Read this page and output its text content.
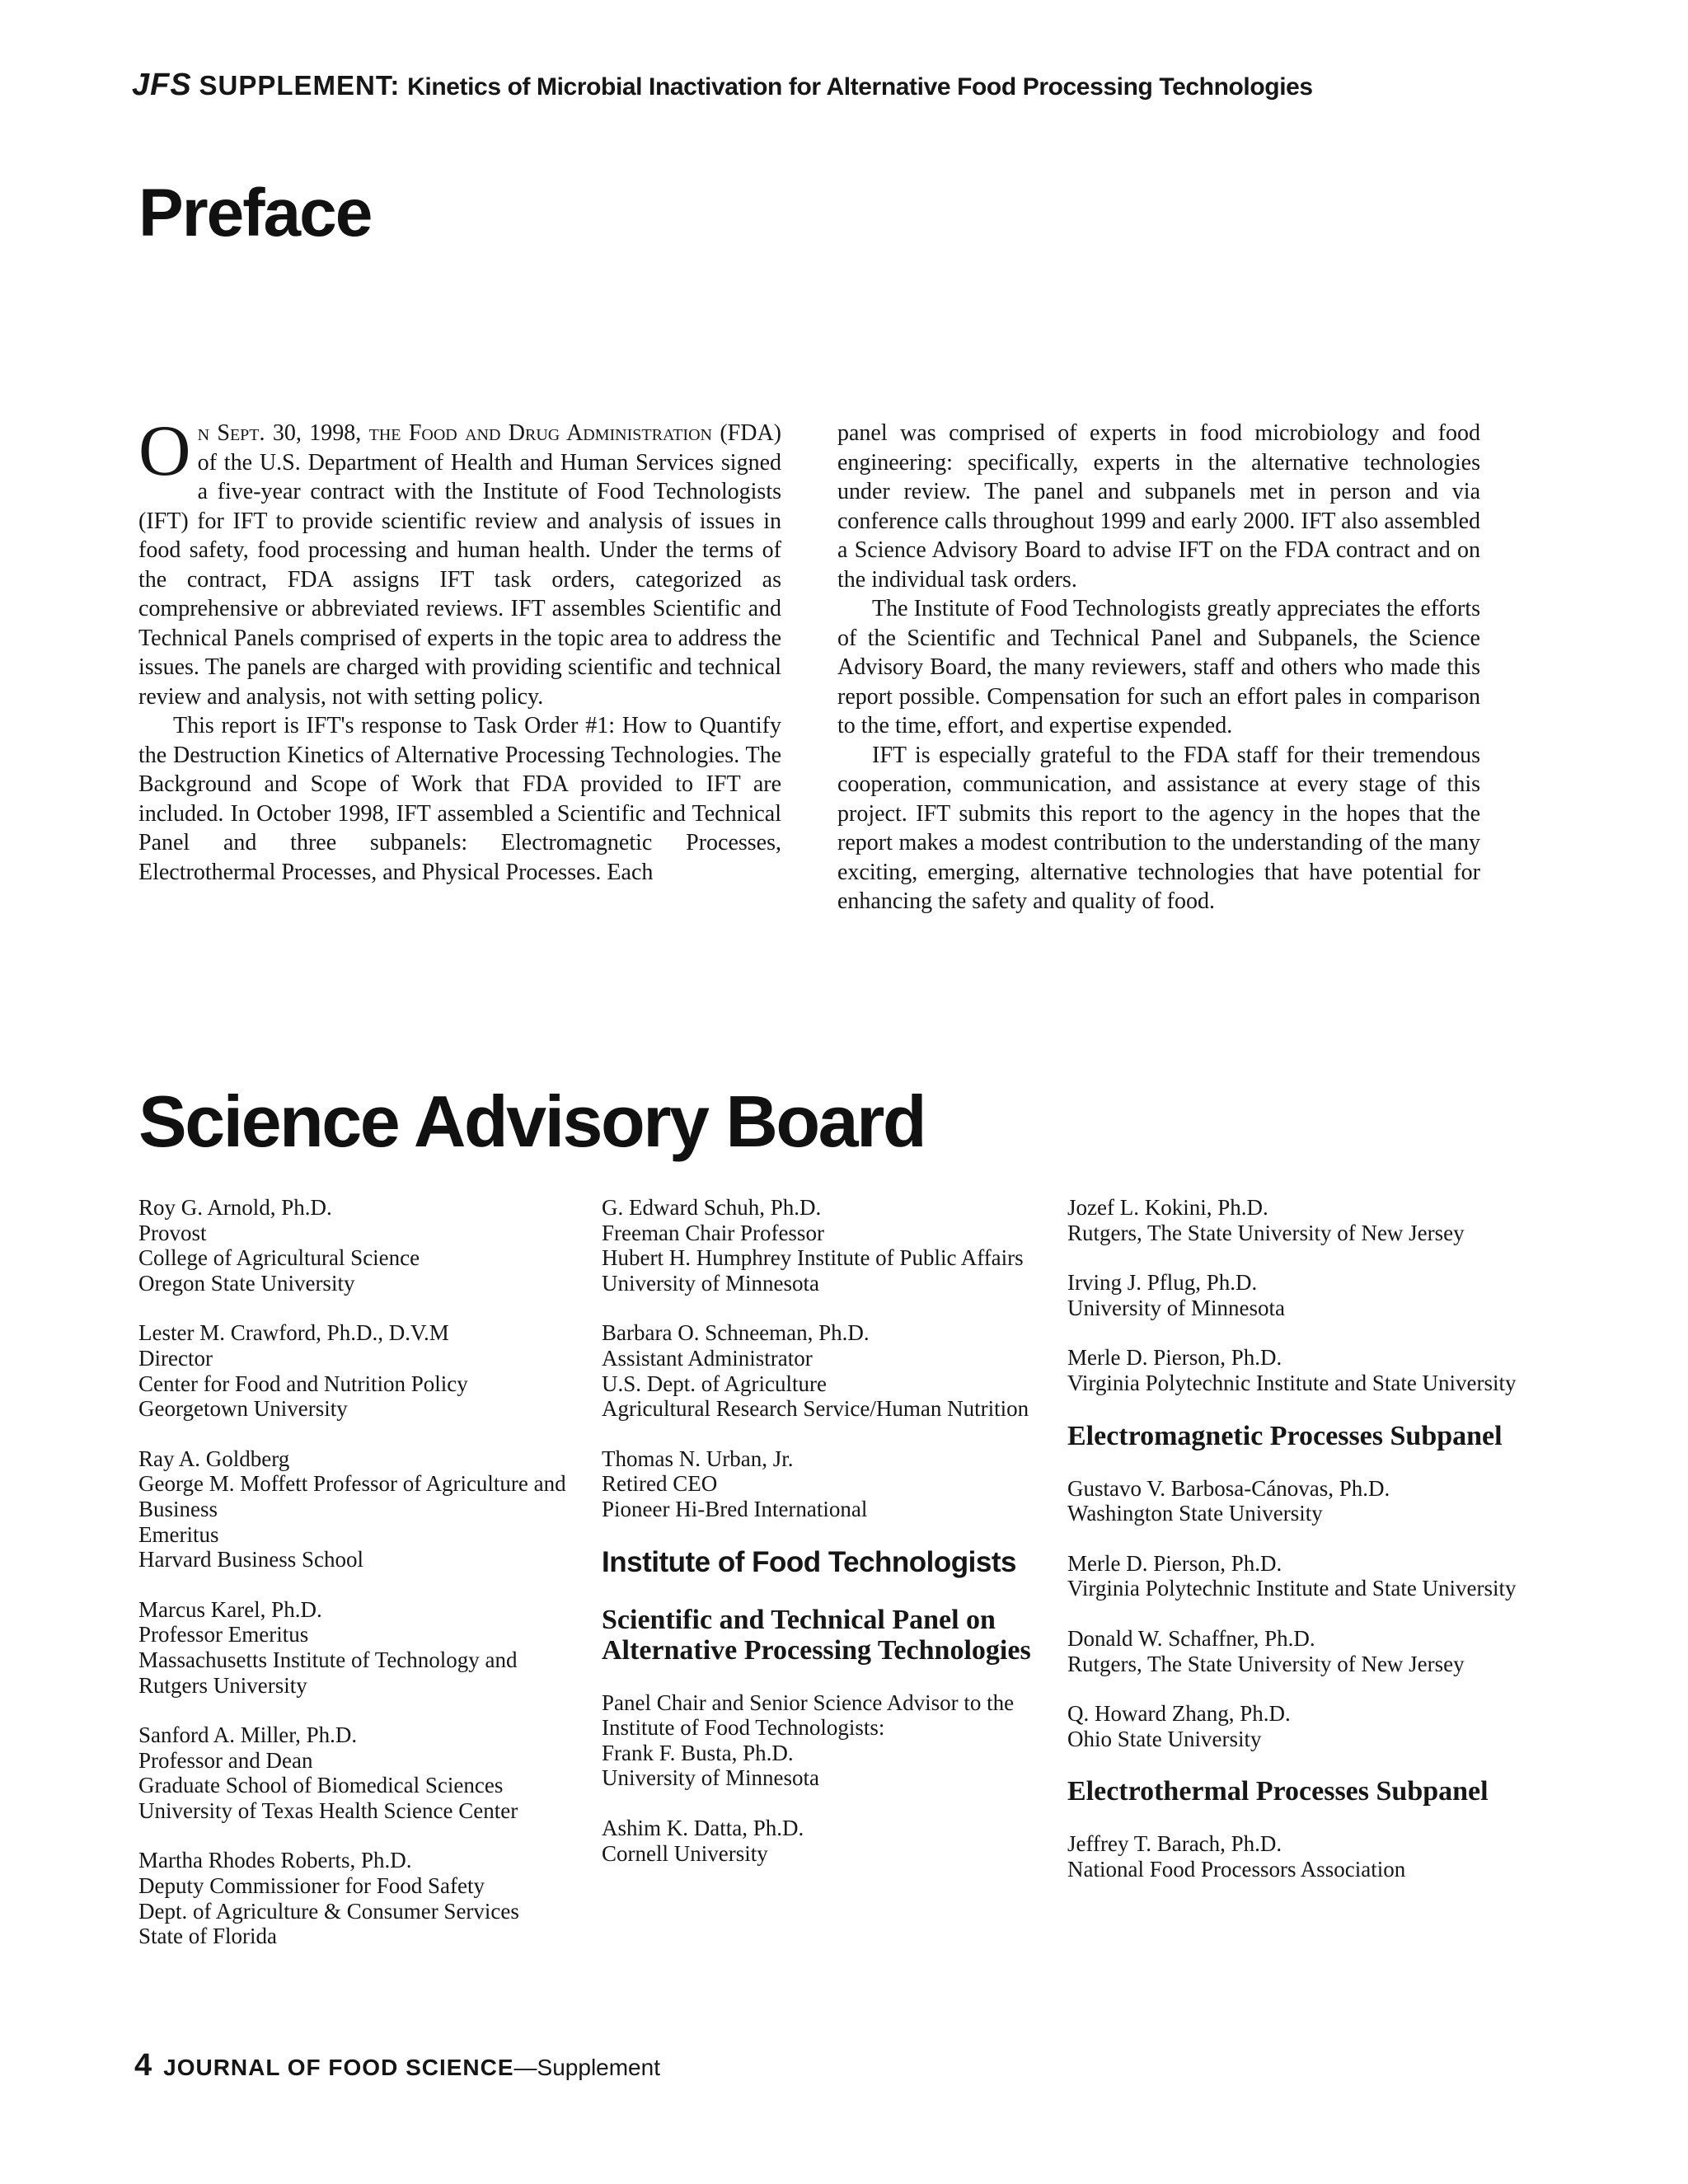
JFS SUPPLEMENT: Kinetics of Microbial Inactivation for Alternative Food Processing Technologies
Preface

O n Sept. 30, 1998, the Food and Drug Administration (FDA) of the U.S. Department of Health and Human Services signed a five-year contract with the Institute of Food Technologists (IFT) for IFT to provide scientific review and analysis of issues in food safety, food processing and human health. Under the terms of the contract, FDA assigns IFT task orders, categorized as comprehensive or abbreviated reviews. IFT assembles Scientific and Technical Panels comprised of experts in the topic area to address the issues. The panels are charged with providing scientific and technical review and analysis, not with setting policy.

This report is IFT's response to Task Order #1: How to Quantify the Destruction Kinetics of Alternative Processing Technologies. The Background and Scope of Work that FDA provided to IFT are included. In October 1998, IFT assembled a Scientific and Technical Panel and three subpanels: Electromagnetic Processes, Electrothermal Processes, and Physical Processes. Each

panel was comprised of experts in food microbiology and food engineering: specifically, experts in the alternative technologies under review. The panel and subpanels met in person and via conference calls throughout 1999 and early 2000. IFT also assembled a Science Advisory Board to advise IFT on the FDA contract and on the individual task orders.

The Institute of Food Technologists greatly appreciates the efforts of the Scientific and Technical Panel and Subpanels, the Science Advisory Board, the many reviewers, staff and others who made this report possible. Compensation for such an effort pales in comparison to the time, effort, and expertise expended.

IFT is especially grateful to the FDA staff for their tremendous cooperation, communication, and assistance at every stage of this project. IFT submits this report to the agency in the hopes that the report makes a modest contribution to the understanding of the many exciting, emerging, alternative technologies that have potential for enhancing the safety and quality of food.

Science Advisory Board
Roy G. Arnold, Ph.D.
Provost
College of Agricultural Science
Oregon State University
Lester M. Crawford, Ph.D., D.V.M
Director
Center for Food and Nutrition Policy
Georgetown University
Ray A. Goldberg
George M. Moffett Professor of Agriculture and Business
Emeritus
Harvard Business School
Marcus Karel, Ph.D.
Professor Emeritus
Massachusetts Institute of Technology and Rutgers University
Sanford A. Miller, Ph.D.
Professor and Dean
Graduate School of Biomedical Sciences
University of Texas Health Science Center
Martha Rhodes Roberts, Ph.D.
Deputy Commissioner for Food Safety
Dept. of Agriculture & Consumer Services
State of Florida
G. Edward Schuh, Ph.D.
Freeman Chair Professor
Hubert H. Humphrey Institute of Public Affairs
University of Minnesota
Barbara O. Schneeman, Ph.D.
Assistant Administrator
U.S. Dept. of Agriculture
Agricultural Research Service/Human Nutrition
Thomas N. Urban, Jr.
Retired CEO
Pioneer Hi-Bred International
Institute of Food Technologists
Scientific and Technical Panel on Alternative Processing Technologies
Panel Chair and Senior Science Advisor to the Institute of Food Technologists:
Frank F. Busta, Ph.D.
University of Minnesota
Ashim K. Datta, Ph.D.
Cornell University
Jozef L. Kokini, Ph.D.
Rutgers, The State University of New Jersey
Irving J. Pflug, Ph.D.
University of Minnesota
Merle D. Pierson, Ph.D.
Virginia Polytechnic Institute and State University
Electromagnetic Processes Subpanel
Gustavo V. Barbosa-Cánovas, Ph.D.
Washington State University
Merle D. Pierson, Ph.D.
Virginia Polytechnic Institute and State University
Donald W. Schaffner, Ph.D.
Rutgers, The State University of New Jersey
Q. Howard Zhang, Ph.D.
Ohio State University
Electrothermal Processes Subpanel
Jeffrey T. Barach, Ph.D.
National Food Processors Association
4 JOURNAL OF FOOD SCIENCE—Supplement
